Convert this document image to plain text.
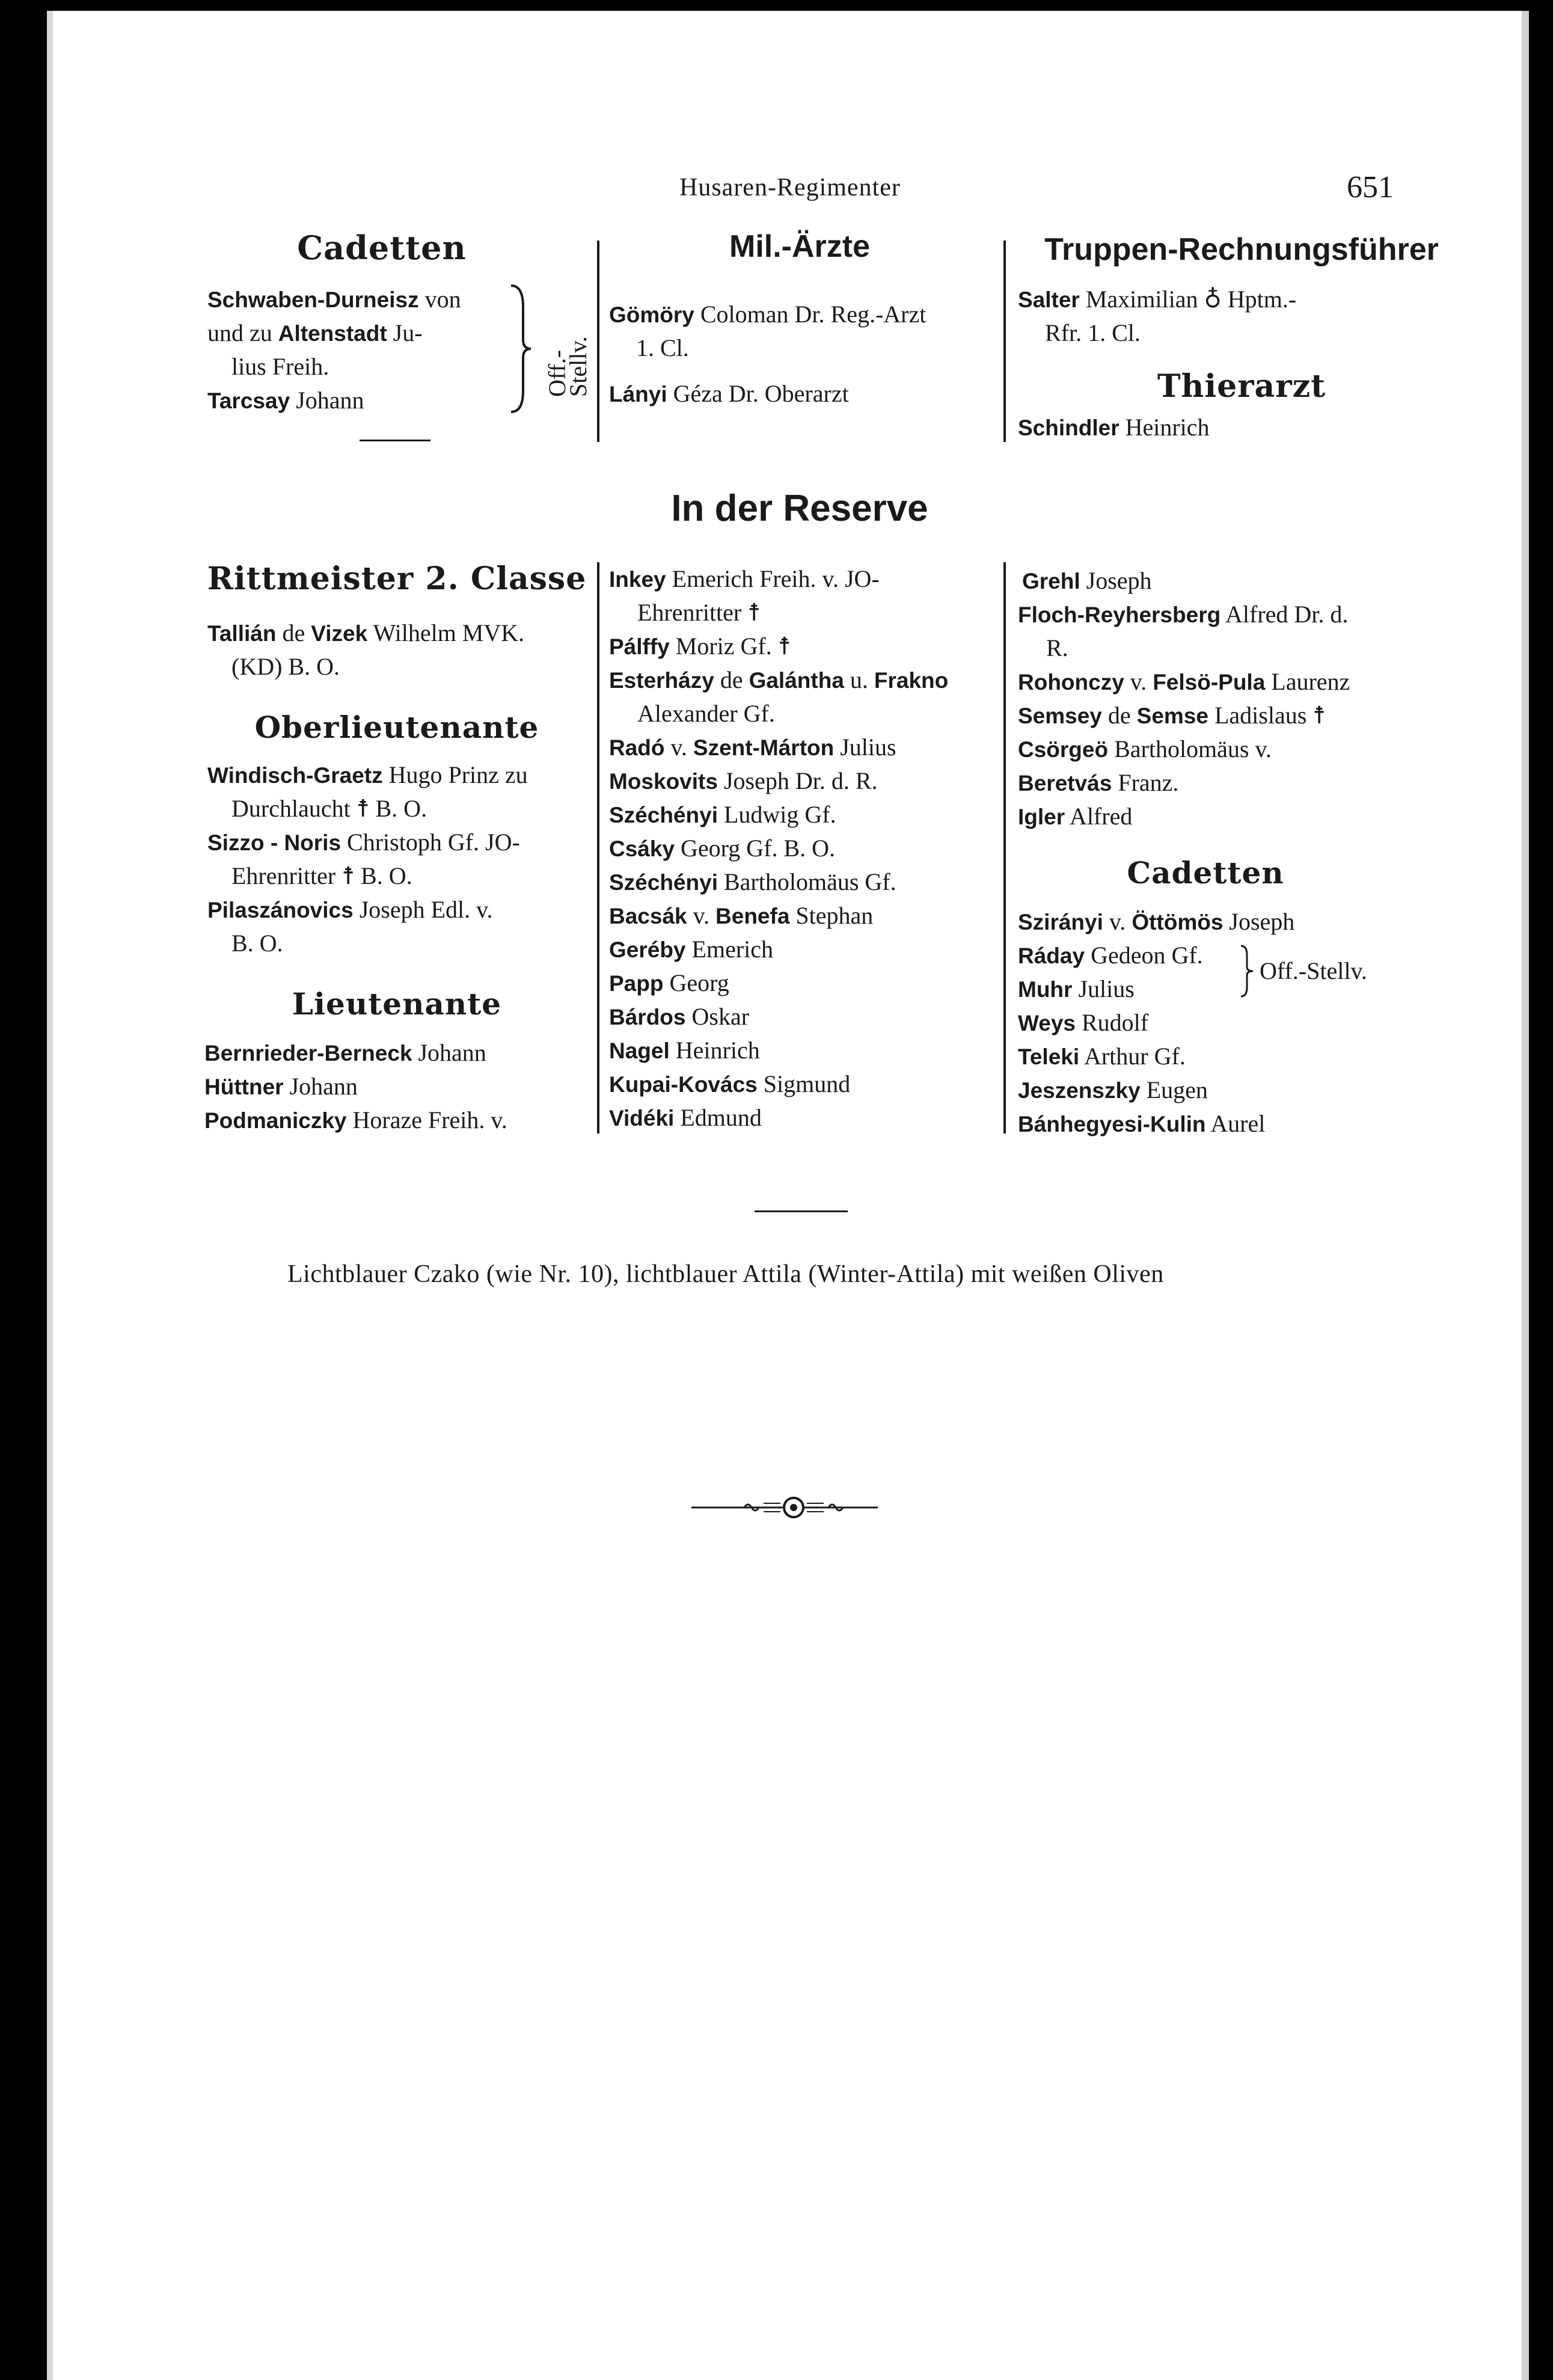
Husaren-Regimenter	651
Cadetten
Schwaben-Durneisz von
und zu Altenstadt Ju-
lius Freih.
Tarcsay Johann
Off.-
Stellv.
Mil.-Ärzte
Gömöry Coloman Dr. Reg.-Arzt
1. Cl.
Lányi Géza Dr. Oberarzt
Truppen-Rechnungsführer
Salter Maximilian ♁ Hptm.-
Rfr. 1. Cl.
Thierarzt
Schindler Heinrich
In der Reserve
Rittmeister 2. Classe
Tallián de Vizek Wilhelm MVK.
(KD) B. O.
Oberlieutenante
Windisch-Graetz Hugo Prinz zu
Durchlaucht ☨ B. O.
Sizzo - Noris Christoph Gf. JO-
Ehrenritter ☨ B. O.
Pilaszánovics Joseph Edl. v.
B. O.
Lieutenante
Bernrieder-Berneck Johann
Hüttner Johann
Podmaniczky Horaze Freih. v.
Inkey Emerich Freih. v. JO-
Ehrenritter ☨
Pálffy Moriz Gf. ☨
Esterházy de Galántha u. Frakno
Alexander Gf.
Radó v. Szent-Márton Julius
Moskovits Joseph Dr. d. R.
Széchényi Ludwig Gf.
Csáky Georg Gf. B. O.
Széchényi Bartholomäus Gf.
Bacsák v. Benefa Stephan
Geréby Emerich
Papp Georg
Bárdos Oskar
Nagel Heinrich
Kupai-Kovács Sigmund
Vidéki Edmund
Grehl Joseph
Floch-Reyhersberg Alfred Dr. d.
R.
Rohonczy v. Felsö-Pula Laurenz
Semsey de Semse Ladislaus ☨
Csörgeö Bartholomäus v.
Beretvás Franz.
Igler Alfred
Cadetten
Szirányi v. Öttömös Joseph
Ráday Gedeon Gf.
Muhr Julius
Off.-Stellv.
Weys Rudolf
Teleki Arthur Gf.
Jeszenszky Eugen
Bánhegyesi-Kulin Aurel
Lichtblauer Czako (wie Nr. 10), lichtblauer Attila (Winter-Attila) mit weißen Oliven
